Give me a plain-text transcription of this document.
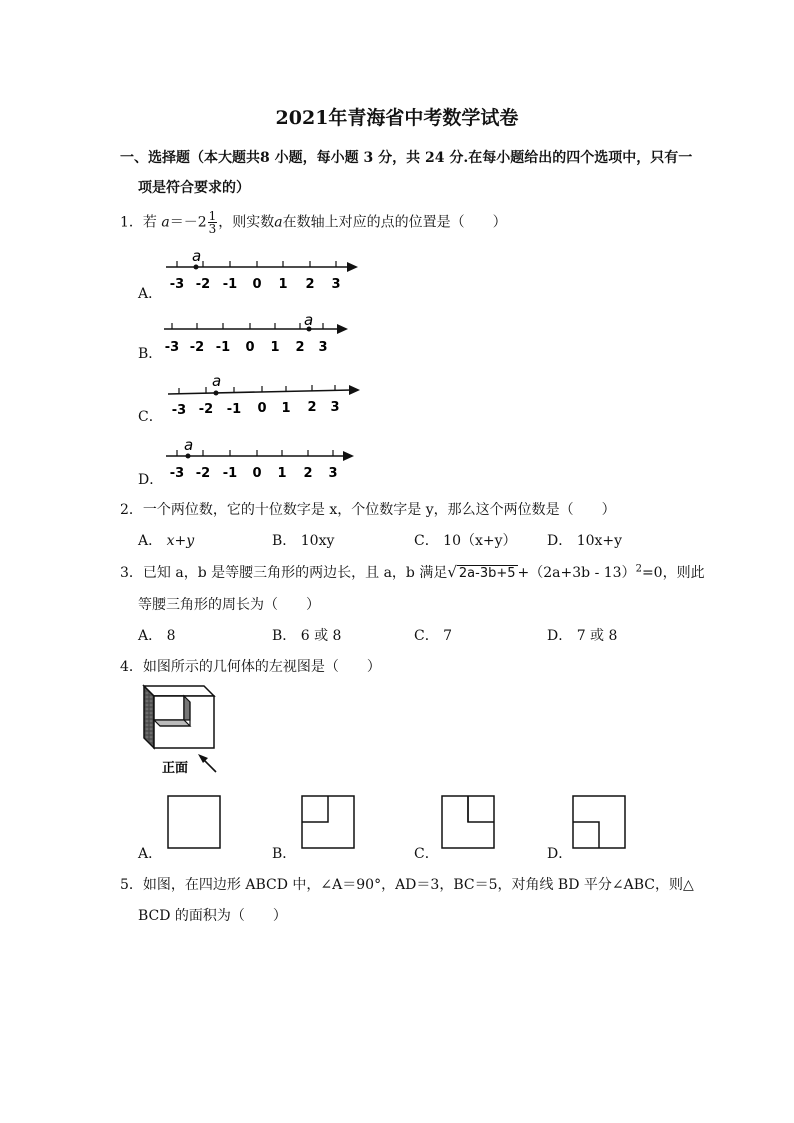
2021年青海省中考数学试卷
一、选择题（本大题共8 小题，每小题 3 分，共 24 分.在每小题给出的四个选项中，只有一
项是符合要求的）
1．若 $a=-2 \frac{1}{3}$ ，则实数a在数轴上对应的点的位置是（　　）
A．
B．
C．
D．
a
-3 -2 -1 0 1 2 3
a
-3 -2 -1 0 1 2 3
a
-3 -2 -1 0 1 2 3
a
-3 -2 -1 0 1 2 3
2．一个两位数，它的十位数字是 x，个位数字是 y，那么这个两位数是（　　）
A． x+y	B． 10xy	C． 10（x+y） D． 10x+y
3．已知 a，b 是等腰三角形的两边长，且 a，b 满足√ $2a-3b+5 +(2a+3b - 13)^2=0$，则此
等腰三角形的周长为（　　）
A． 8	B． 6 或 8	C． 7	D． 7 或 8
4．如图所示的几何体的左视图是（　　）
正面
A．	B．	C．	D．
5．如图，在四边形 ABCD 中，∠A＝90°，AD＝3，BC＝5，对角线 BD 平分∠ABC，则△
BCD 的面积为（　　）
